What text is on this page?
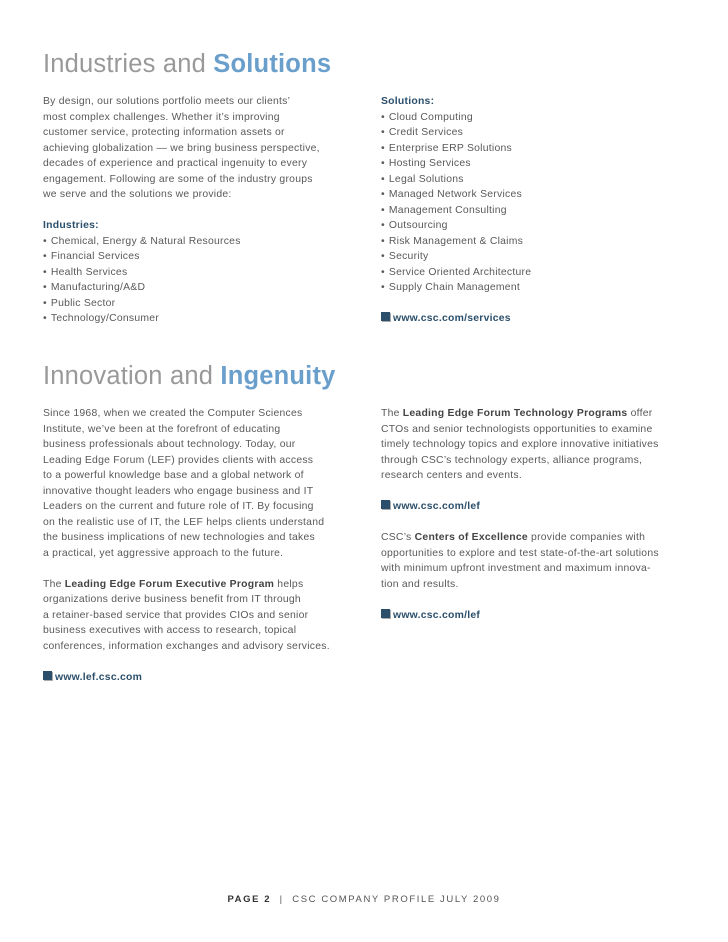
Industries and Solutions

By design, our solutions portfolio meets our clients’

most complex challenges. Whether it’s improving

customer service, protecting information assets or

achieving globalization — we bring business perspective,

decades of experience and practical ingenuity to every

engagement. Following are some of the industry groups

we serve and the solutions we provide:

Industries:

• Chemical, Energy & Natural Resources
• Financial Services
• Health Services
• Manufacturing/A&D
• Public Sector
• Technology/Consumer

Solutions:

• Cloud Computing
• Credit Services
• Enterprise ERP Solutions
• Hosting Services
• Legal Solutions
• Managed Network Services
• Management Consulting
• Outsourcing
• Risk Management & Claims
• Security
• Service Oriented Architecture
• Supply Chain Management

www.csc.com/services

Innovation and Ingenuity

Since 1968, when we created the Computer Sciences

Institute, we’ve been at the forefront of educating

business professionals about technology. Today, our

Leading Edge Forum (LEF) provides clients with access

to a powerful knowledge base and a global network of

innovative thought leaders who engage business and IT

Leaders on the current and future role of IT. By focusing

on the realistic use of IT, the LEF helps clients understand

the business implications of new technologies and takes

a practical, yet aggressive approach to the future.

The Leading Edge Forum Executive Program helps

organizations derive business benefit from IT through

a retainer-based service that provides CIOs and senior

business executives with access to research, topical

conferences, information exchanges and advisory services.

www.lef.csc.com

The Leading Edge Forum Technology Programs offer

CTOs and senior technologists opportunities to examine

timely technology topics and explore innovative initiatives

through CSC’s technology experts, alliance programs,

research centers and events.

www.csc.com/lef

CSC’s Centers of Excellence provide companies with

opportunities to explore and test state-of-the-art solutions

with minimum upfront investment and maximum innova-

tion and results.

www.csc.com/lef

PAGE 2 | CSC COMPANY PROFILE JULY 2009
